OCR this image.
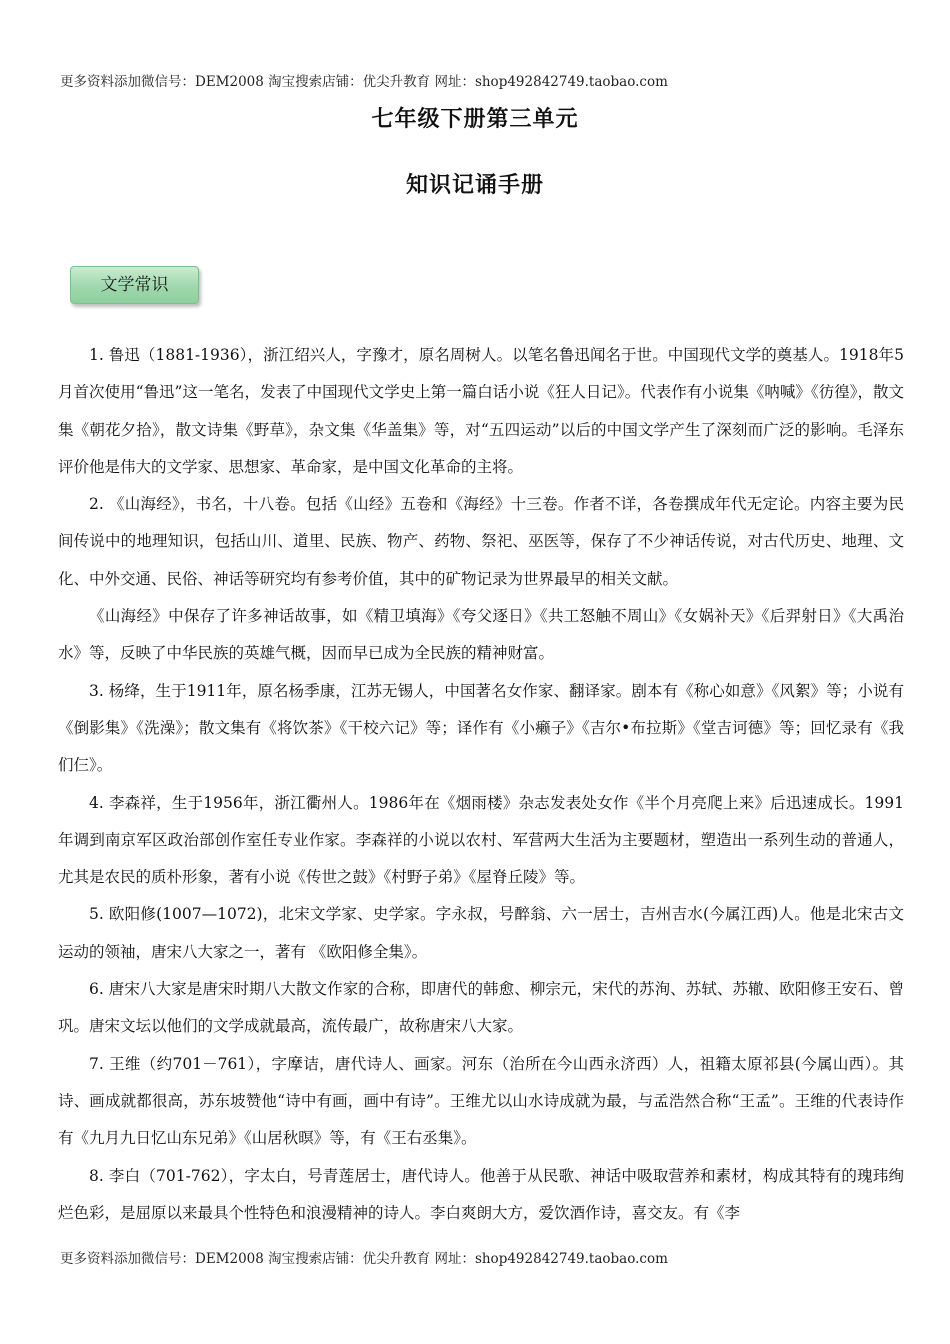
更多资料添加微信号：DEM2008 淘宝搜索店铺：优尖升教育 网址：shop492842749.taobao.com
七年级下册第三单元
知识记诵手册
文学常识

1. 鲁迅（1881-1936），浙江绍兴人，字豫才，原名周树人。以笔名鲁迅闻名于世。中国现代文学的奠基人。1918年5月首次使用“鲁迅”这一笔名，发表了中国现代文学史上第一篇白话小说《狂人日记》。代表作有小说集《呐喊》《彷徨》，散文集《朝花夕拾》，散文诗集《野草》，杂文集《华盖集》等，对“五四运动”以后的中国文学产生了深刻而广泛的影响。毛泽东评价他是伟大的文学家、思想家、革命家，是中国文化革命的主将。

2. 《山海经》，书名，十八卷。包括《山经》五卷和《海经》十三卷。作者不详，各卷撰成年代无定论。内容主要为民间传说中的地理知识，包括山川、道里、民族、物产、药物、祭祀、巫医等，保存了不少神话传说，对古代历史、地理、文化、中外交通、民俗、神话等研究均有参考价值，其中的矿物记录为世界最早的相关文献。

《山海经》中保存了许多神话故事，如《精卫填海》《夸父逐日》《共工怒触不周山》《女娲补天》《后羿射日》《大禹治水》等，反映了中华民族的英雄气概，因而早已成为全民族的精神财富。

3. 杨绛，生于1911年，原名杨季康，江苏无锡人，中国著名女作家、翻译家。剧本有《称心如意》《风絮》等；小说有《倒影集》《洗澡》；散文集有《将饮茶》《干校六记》等；译作有《小癞子》《吉尔•布拉斯》《堂吉诃德》等；回忆录有《我们仨》。

4. 李森祥，生于1956年，浙江衢州人。1986年在《烟雨楼》杂志发表处女作《半个月亮爬上来》后迅速成长。1991年调到南京军区政治部创作室任专业作家。李森祥的小说以农村、军营两大生活为主要题材，塑造出一系列生动的普通人，尤其是农民的质朴形象，著有小说《传世之鼓》《村野子弟》《屋脊丘陵》等。

5. 欧阳修(1007—1072)，北宋文学家、史学家。字永叔，号醉翁、六一居士，吉州吉水(今属江西)人。他是北宋古文运动的领袖，唐宋八大家之一，著有 《欧阳修全集》。

6. 唐宋八大家是唐宋时期八大散文作家的合称，即唐代的韩愈、柳宗元，宋代的苏洵、苏轼、苏辙、欧阳修王安石、曾巩。唐宋文坛以他们的文学成就最高，流传最广，故称唐宋八大家。

7. 王维（约701－761），字摩诘，唐代诗人、画家。河东（治所在今山西永济西）人，祖籍太原祁县(今属山西）。其诗、画成就都很高，苏东坡赞他“诗中有画，画中有诗”。王维尤以山水诗成就为最，与孟浩然合称“王孟”。王维的代表诗作有《九月九日忆山东兄弟》《山居秋暝》等，有《王右丞集》。

8. 李白（701-762），字太白，号青莲居士，唐代诗人。他善于从民歌、神话中吸取营养和素材，构成其特有的瑰玮绚烂色彩，是屈原以来最具个性特色和浪漫精神的诗人。李白爽朗大方，爱饮酒作诗，喜交友。有《李

更多资料添加微信号：DEM2008 淘宝搜索店铺：优尖升教育 网址：shop492842749.taobao.com
